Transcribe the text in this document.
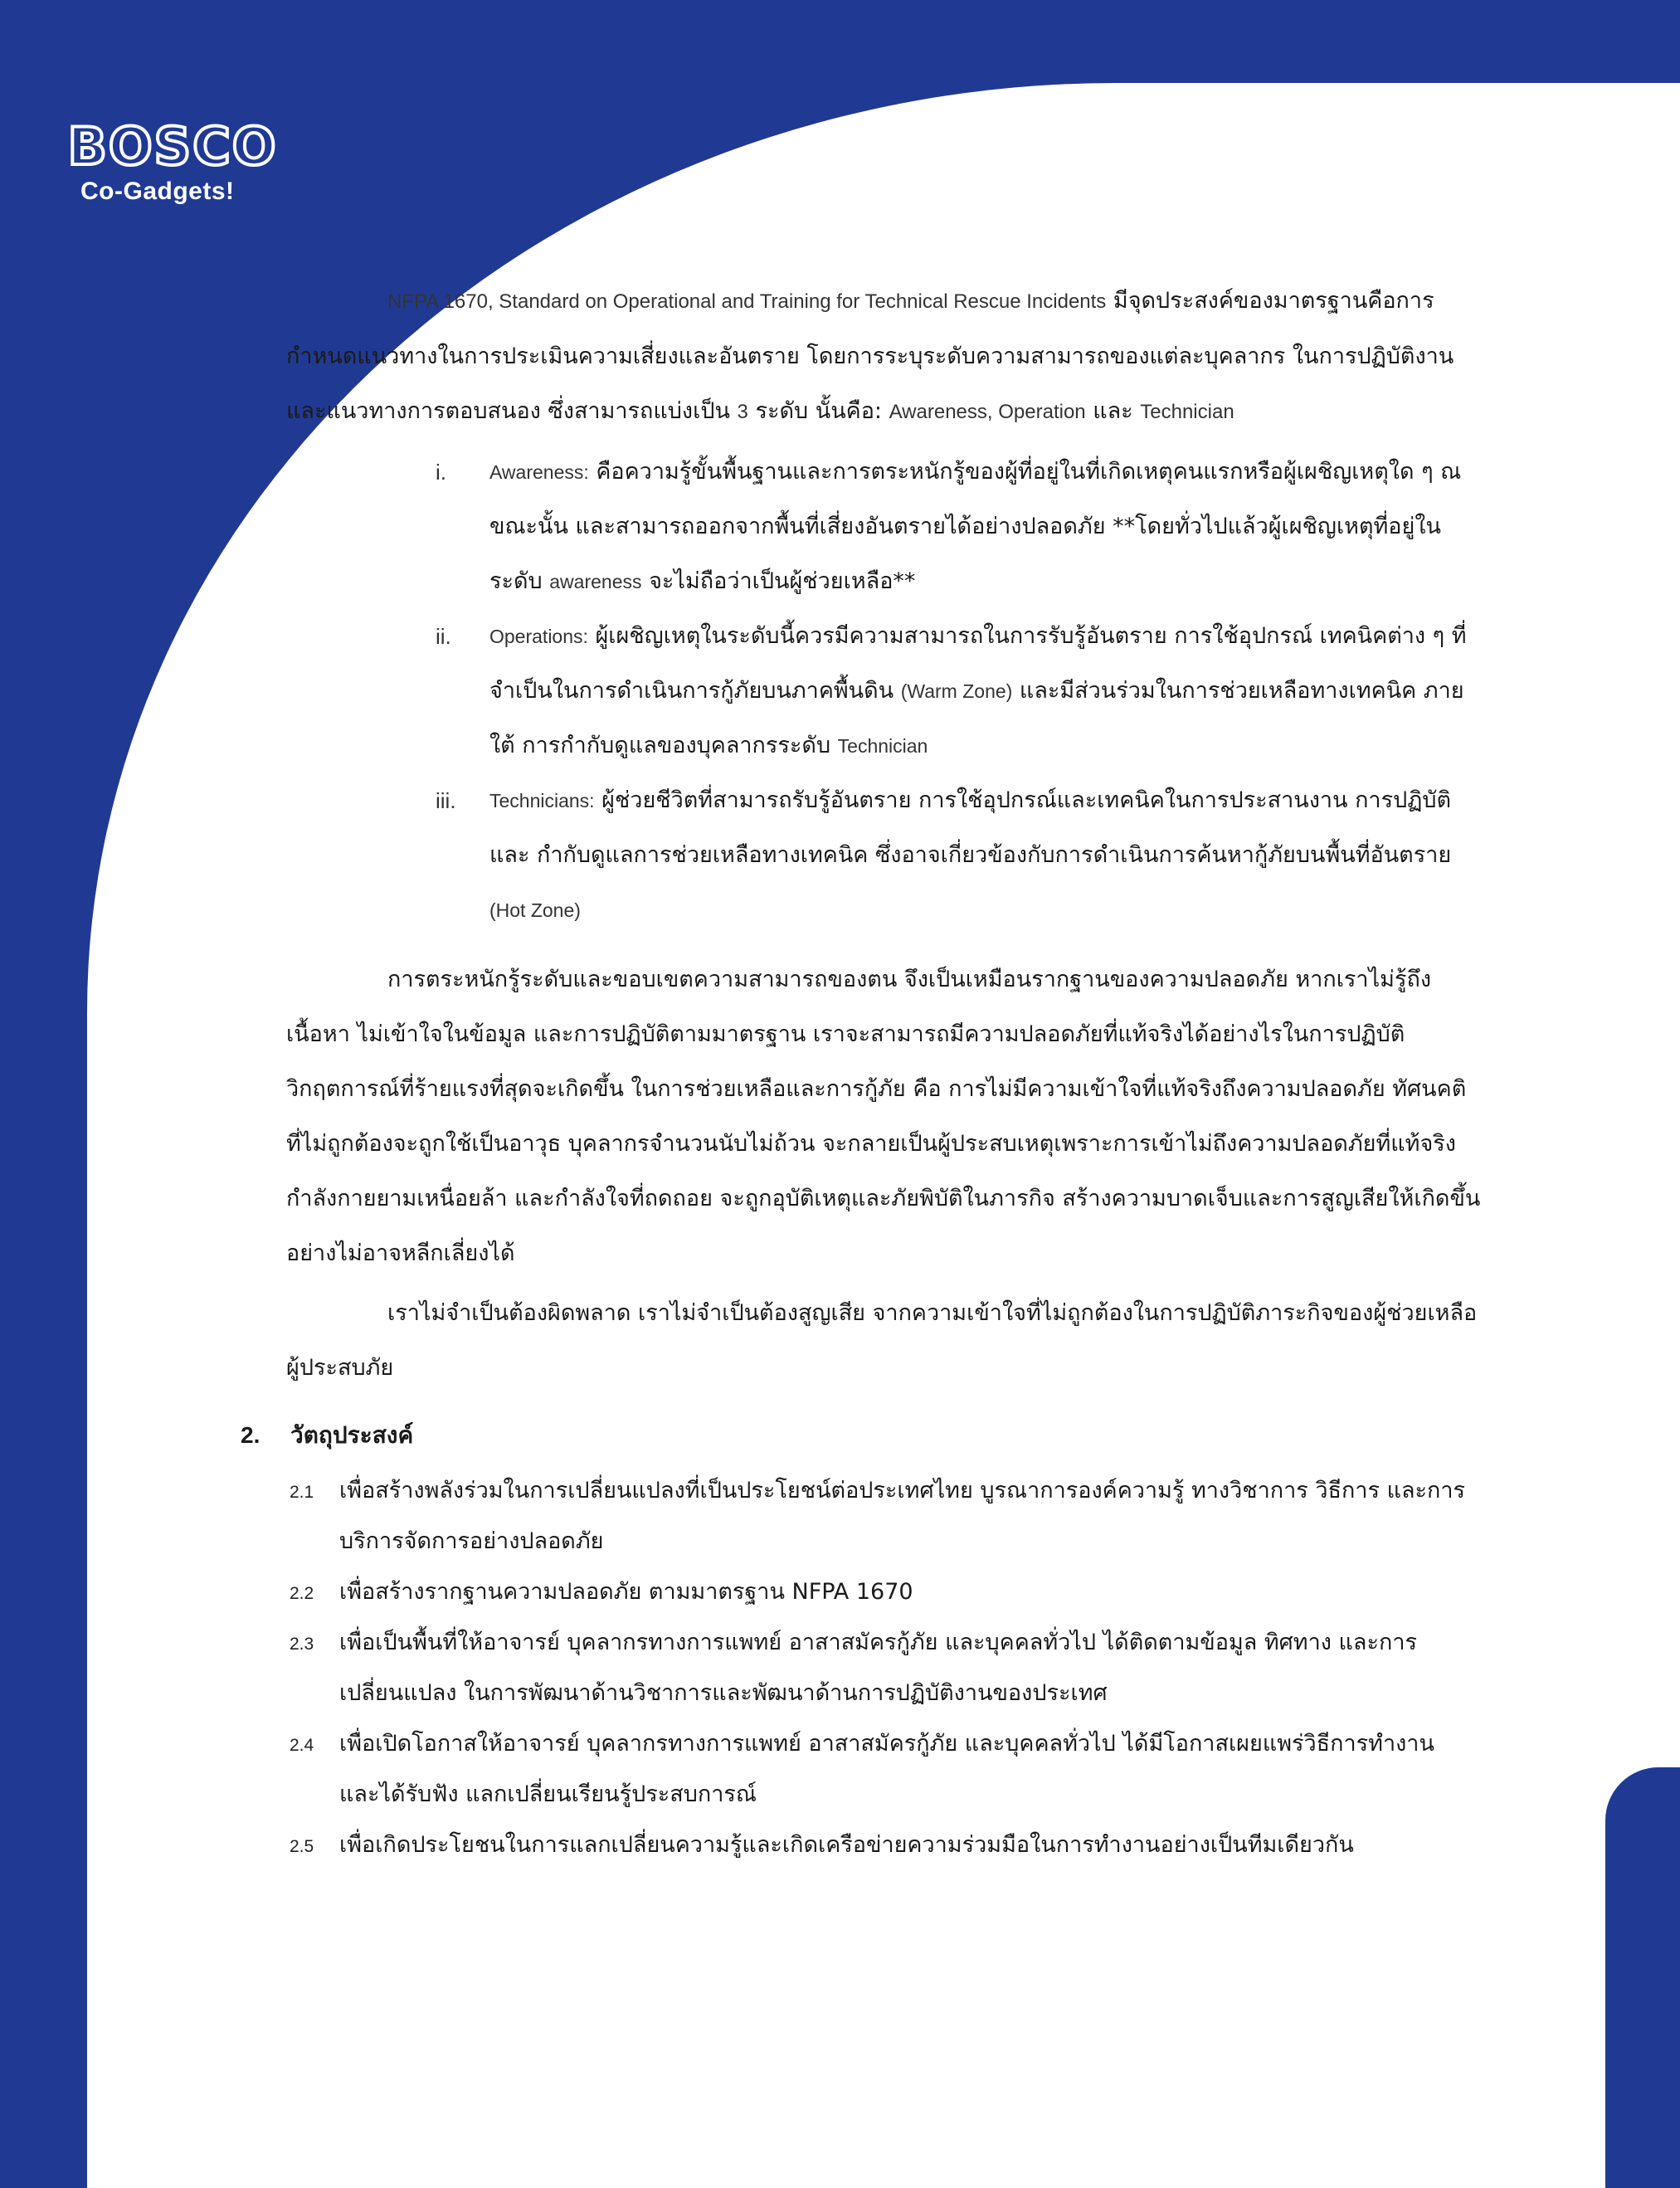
BOSCO
Co-Gadgets!

NFPA 1670, Standard on Operational and Training for Technical Rescue Incidents มีจุดประสงค์ของมาตรฐานคือการกำหนดแนวทางในการประเมินความเสี่ยงและอันตราย โดยการระบุระดับความสามารถของแต่ละบุคลากร ในการปฏิบัติงานและแนวทางการตอบสนอง ซึ่งสามารถแบ่งเป็น 3 ระดับ นั้นคือ: Awareness, Operation และ Technician

i.	Awareness: คือความรู้ขั้นพื้นฐานและการตระหนักรู้ของผู้ที่อยู่ในที่เกิดเหตุคนแรกหรือผู้เผชิญเหตุใด ๆ ณ ขณะนั้น และสามารถออกจากพื้นที่เสี่ยงอันตรายได้อย่างปลอดภัย **โดยทั่วไปแล้วผู้เผชิญเหตุที่อยู่ใน ระดับ awareness จะไม่ถือว่าเป็นผู้ช่วยเหลือ**
ii.	Operations: ผู้เผชิญเหตุในระดับนี้ควรมีความสามารถในการรับรู้อันตราย การใช้อุปกรณ์ เทคนิคต่าง ๆ ที่ จำเป็นในการดำเนินการกู้ภัยบนภาคพื้นดิน (Warm Zone) และมีส่วนร่วมในการช่วยเหลือทางเทคนิค ภายใต้ การกำกับดูแลของบุคลากรระดับ Technician
iii.	Technicians: ผู้ช่วยชีวิตที่สามารถรับรู้อันตราย การใช้อุปกรณ์และเทคนิคในการประสานงาน การปฏิบัติ และ กำกับดูแลการช่วยเหลือทางเทคนิค ซึ่งอาจเกี่ยวข้องกับการดำเนินการค้นหากู้ภัยบนพื้นที่อันตราย (Hot Zone)

การตระหนักรู้ระดับและขอบเขตความสามารถของตน จึงเป็นเหมือนรากฐานของความปลอดภัย หากเราไม่รู้ถึงเนื้อหา ไม่เข้าใจในข้อมูล และการปฏิบัติตามมาตรฐาน เราจะสามารถมีความปลอดภัยที่แท้จริงได้อย่างไรในการปฏิบัติ วิกฤตการณ์ที่ร้ายแรงที่สุดจะเกิดขึ้น ในการช่วยเหลือและการกู้ภัย คือ การไม่มีความเข้าใจที่แท้จริงถึงความปลอดภัย ทัศนคติที่ไม่ถูกต้องจะถูกใช้เป็นอาวุธ บุคลากรจำนวนนับไม่ถ้วน จะกลายเป็นผู้ประสบเหตุเพราะการเข้าไม่ถึงความปลอดภัยที่แท้จริง กำลังกายยามเหนื่อยล้า และกำลังใจที่ถดถอย จะถูกอุบัติเหตุและภัยพิบัติในภารกิจ สร้างความบาดเจ็บและการสูญเสียให้เกิดขึ้นอย่างไม่อาจหลีกเลี่ยงได้

เราไม่จำเป็นต้องผิดพลาด เราไม่จำเป็นต้องสูญเสีย จากความเข้าใจที่ไม่ถูกต้องในการปฏิบัติภาระกิจของผู้ช่วยเหลือผู้ประสบภัย

2. วัตถุประสงค์
2.1 เพื่อสร้างพลังร่วมในการเปลี่ยนแปลงที่เป็นประโยชน์ต่อประเทศไทย บูรณาการองค์ความรู้ ทางวิชาการ วิธีการ และการบริการจัดการอย่างปลอดภัย
2.2 เพื่อสร้างรากฐานความปลอดภัย ตามมาตรฐาน NFPA 1670
2.3 เพื่อเป็นพื้นที่ให้อาจารย์ บุคลากรทางการแพทย์ อาสาสมัครกู้ภัย และบุคคลทั่วไป ได้ติดตามข้อมูล ทิศทาง และการเปลี่ยนแปลง ในการพัฒนาด้านวิชาการและพัฒนาด้านการปฏิบัติงานของประเทศ
2.4 เพื่อเปิดโอกาสให้อาจารย์ บุคลากรทางการแพทย์ อาสาสมัครกู้ภัย และบุคคลทั่วไป ได้มีโอกาสเผยแพร่วิธีการทำงาน และได้รับฟัง แลกเปลี่ยนเรียนรู้ประสบการณ์
2.5 เพื่อเกิดประโยชนในการแลกเปลี่ยนความรู้และเกิดเครือข่ายความร่วมมือในการทำงานอย่างเป็นทีมเดียวกัน
